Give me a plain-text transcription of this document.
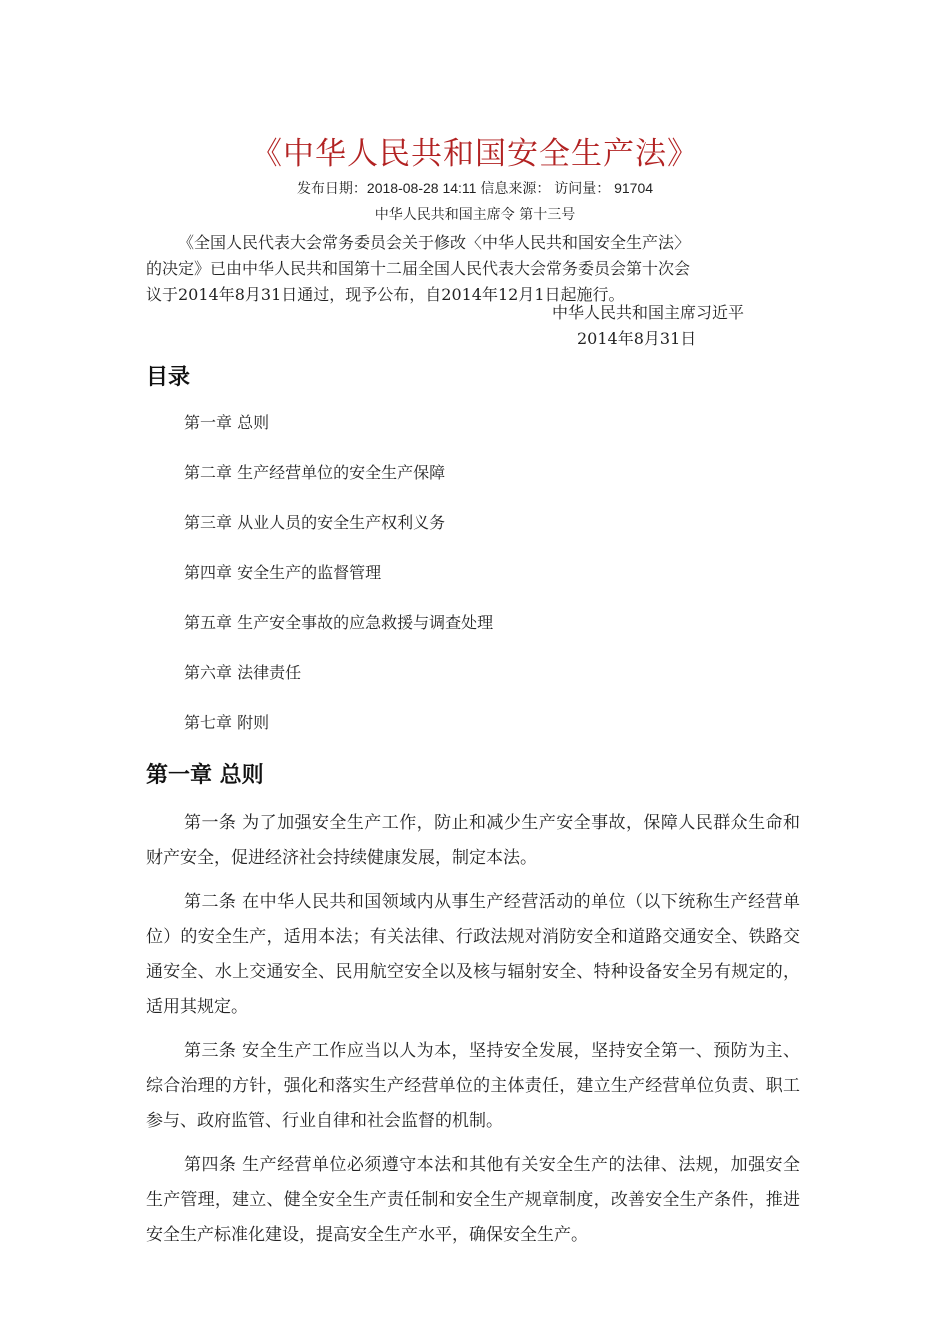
《中华人民共和国安全生产法》
发布日期：2018-08-28 14:11 信息来源： 访问量： 91704
中华人民共和国主席令 第十三号

《全国人民代表大会常务委员会关于修改〈中华人民共和国安全生产法〉

的决定》已由中华人民共和国第十二届全国人民代表大会常务委员会第十次会

议于2014年8月31日通过，现予公布，自2014年12月1日起施行。

中华人民共和国主席习近平
2014年8月31日
目录
第一章 总则
第二章 生产经营单位的安全生产保障
第三章 从业人员的安全生产权利义务
第四章 安全生产的监督管理
第五章 生产安全事故的应急救援与调查处理
第六章 法律责任
第七章 附则
第一章 总则

第一条 为了加强安全生产工作，防止和减少生产安全事故，保障人民群众生命和财产安全，促进经济社会持续健康发展，制定本法。

第二条 在中华人民共和国领域内从事生产经营活动的单位（以下统称生产经营单位）的安全生产，适用本法；有关法律、行政法规对消防安全和道路交通安全、铁路交通安全、水上交通安全、民用航空安全以及核与辐射安全、特种设备安全另有规定的，适用其规定。

第三条 安全生产工作应当以人为本，坚持安全发展，坚持安全第一、预防为主、综合治理的方针，强化和落实生产经营单位的主体责任，建立生产经营单位负责、职工参与、政府监管、行业自律和社会监督的机制。

第四条 生产经营单位必须遵守本法和其他有关安全生产的法律、法规，加强安全生产管理，建立、健全安全生产责任制和安全生产规章制度，改善安全生产条件，推进安全生产标准化建设，提高安全生产水平，确保安全生产。
